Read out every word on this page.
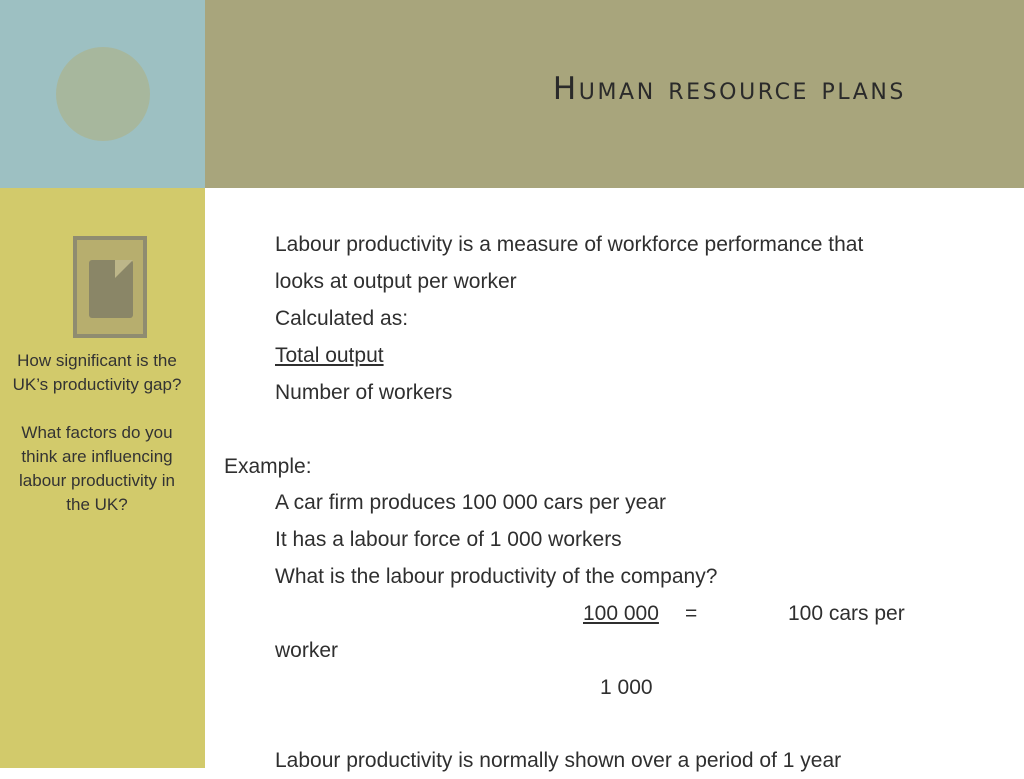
Human resource plans

How significant is the UK’s productivity gap?

What factors do you think are influencing labour productivity in the UK?

Labour productivity is a measure of workforce performance that
looks at output per worker
Calculated as:
Total output
Number of workers
Example:
A car firm produces 100 000 cars per year
It has a labour force of 1 000 workers
What is the labour productivity of the company?
100 000 =	100 cars per
worker
1 000
Labour productivity is normally shown over a period of 1 year
